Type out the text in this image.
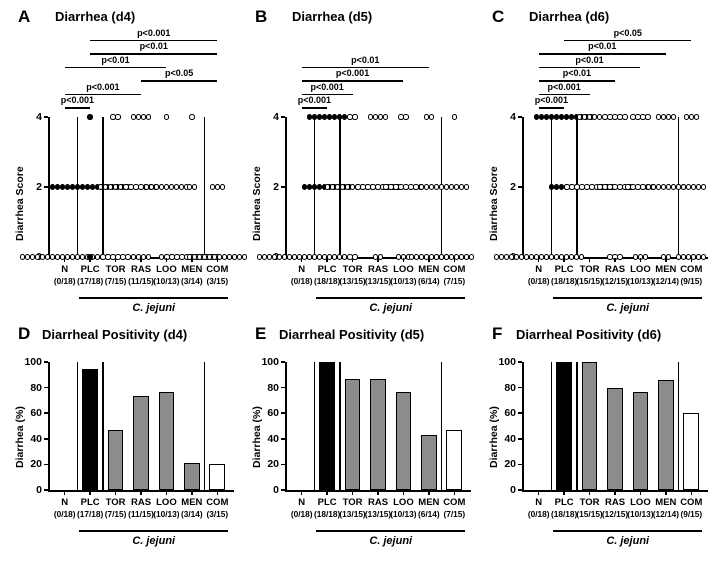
A Diarrhea (d4)
4
2
Diarrhea Score
N
(0/18)
PLC
(17/18)
TOR
(7/15)
RAS
(11/15)
LOO
(10/13)
MEN
(3/14)
COM
(3/15)
p<0.001
p<0.001
p<0.05
p<0.01
p<0.01
p<0.001
C. jejuni
B Diarrhea (d5)
4
2
Diarrhea Score
N
(0/18)
PLC
(18/18)
TOR
(13/15)
RAS
(13/15)
LOO
(10/13)
MEN
(6/14)
COM
(7/15)
p<0.001
p<0.001
p<0.001
p<0.01
C. jejuni
C Diarrhea (d6)
4
2
Diarrhea Score
N
(0/18)
PLC
(18/18)
TOR
(15/15)
RAS
(12/15)
LOO
(10/13)
MEN
(12/14)
COM
(9/15)
p<0.001
p<0.001
p<0.01
p<0.01
p<0.01
p<0.05
C. jejuni
D Diarrheal Positivity (d4)
0
20
40
60
80
100
Diarrhea (%)
N
(0/18)
PLC
(17/18)
TOR
(7/15)
RAS
(11/15)
LOO
(10/13)
MEN
(3/14)
COM
(3/15)
C. jejuni
E Diarrheal Positivity (d5)
0
20
40
60
80
100
Diarrhea (%)
N
(0/18)
PLC
(18/18)
TOR
(13/15)
RAS
(13/15)
LOO
(10/13)
MEN
(6/14)
COM
(7/15)
C. jejuni
F Diarrheal Positivity (d6)
0
20
40
60
80
100
Diarrhea (%)
N
(0/18)
PLC
(18/18)
TOR
(15/15)
RAS
(12/15)
LOO
(10/13)
MEN
(12/14)
COM
(9/15)
C. jejuni
